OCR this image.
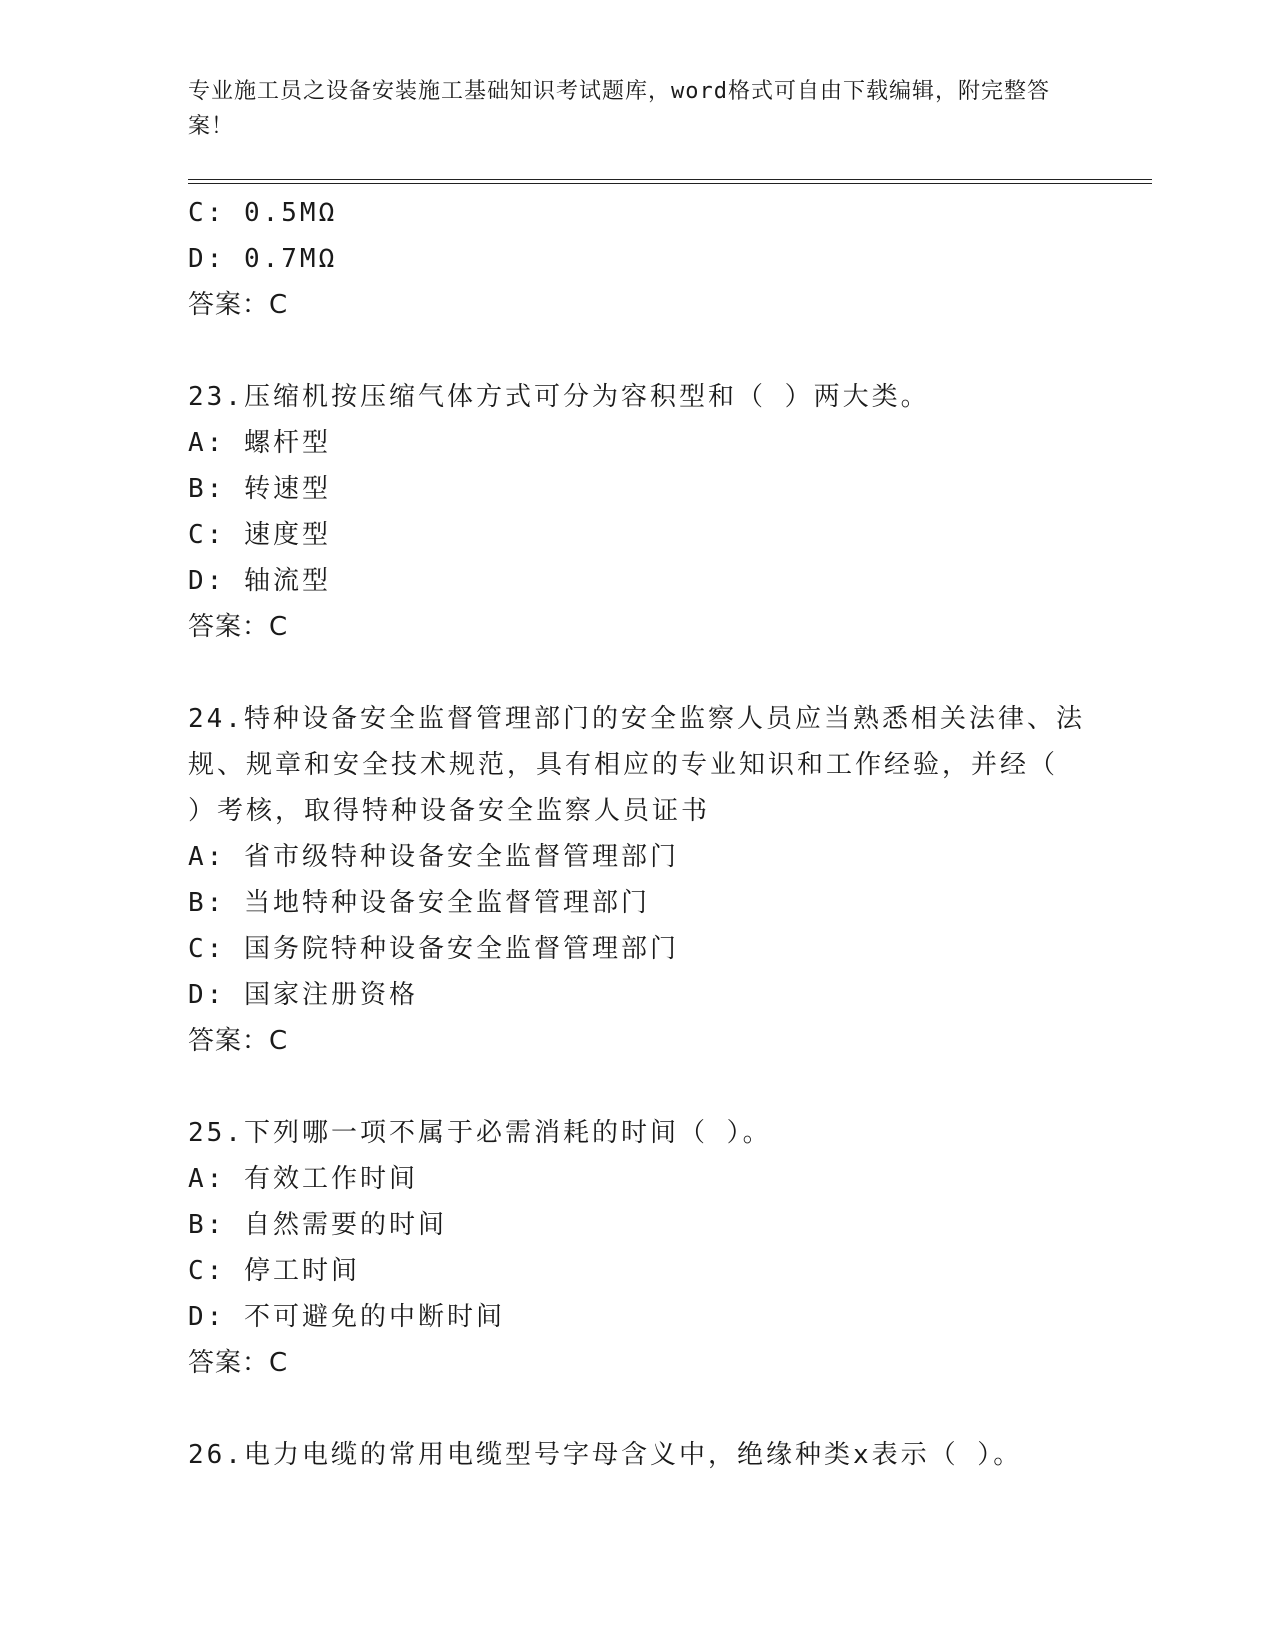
专业施工员之设备安装施工基础知识考试题库，word格式可自由下载编辑，附完整答案！
C: 0.5MΩ
D: 0.7MΩ
答案：C
23.压缩机按压缩气体方式可分为容积型和（ ）两大类。
A: 螺杆型
B: 转速型
C: 速度型
D: 轴流型
答案：C
24.特种设备安全监督管理部门的安全监察人员应当熟悉相关法律、法规、规章和安全技术规范，具有相应的专业知识和工作经验，并经（ ）考核，取得特种设备安全监察人员证书
A: 省市级特种设备安全监督管理部门
B: 当地特种设备安全监督管理部门
C: 国务院特种设备安全监督管理部门
D: 国家注册资格
答案：C
25.下列哪一项不属于必需消耗的时间（ ）。
A: 有效工作时间
B: 自然需要的时间
C: 停工时间
D: 不可避免的中断时间
答案：C
26.电力电缆的常用电缆型号字母含义中，绝缘种类x表示（ ）。
